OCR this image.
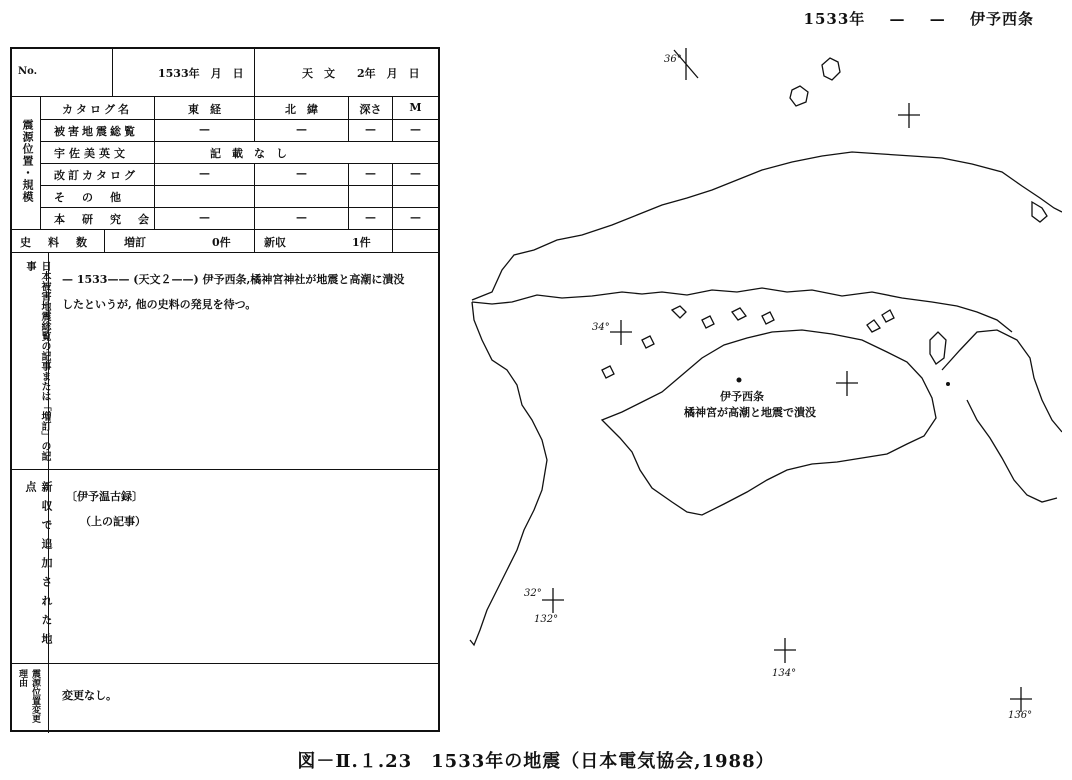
1533年 — — 伊予西条
No.	1533年　月　日	天　文　　2年　月　日
震源位置・規模
カタログ名	東　経	北　緯	深さ	M
被害地震総覧	—	—	—	—
宇佐美英文	記　載　な　し
改訂カタログ	—	—	—	—
そ　の　他
本　研　究　会	—	—	—	—
史　料　数	増訂	0件	新収	1件
日本被害地震総覧の記事または「増訂」の記事
— 1533—— (天文２——) 伊予西条,橘神宮神社が地震と高潮に潰没
したというが, 他の史料の発見を待つ。
新収で追加された地点	〔伊予温古録〕
（上の記事）
震源位置変更理由
変更なし。
伊予西条
橘神宮が高潮と地震で潰没
36°
34°
32°
132°
134°
136°
図－Ⅱ.１.23　1533年の地震（日本電気協会,1988）
